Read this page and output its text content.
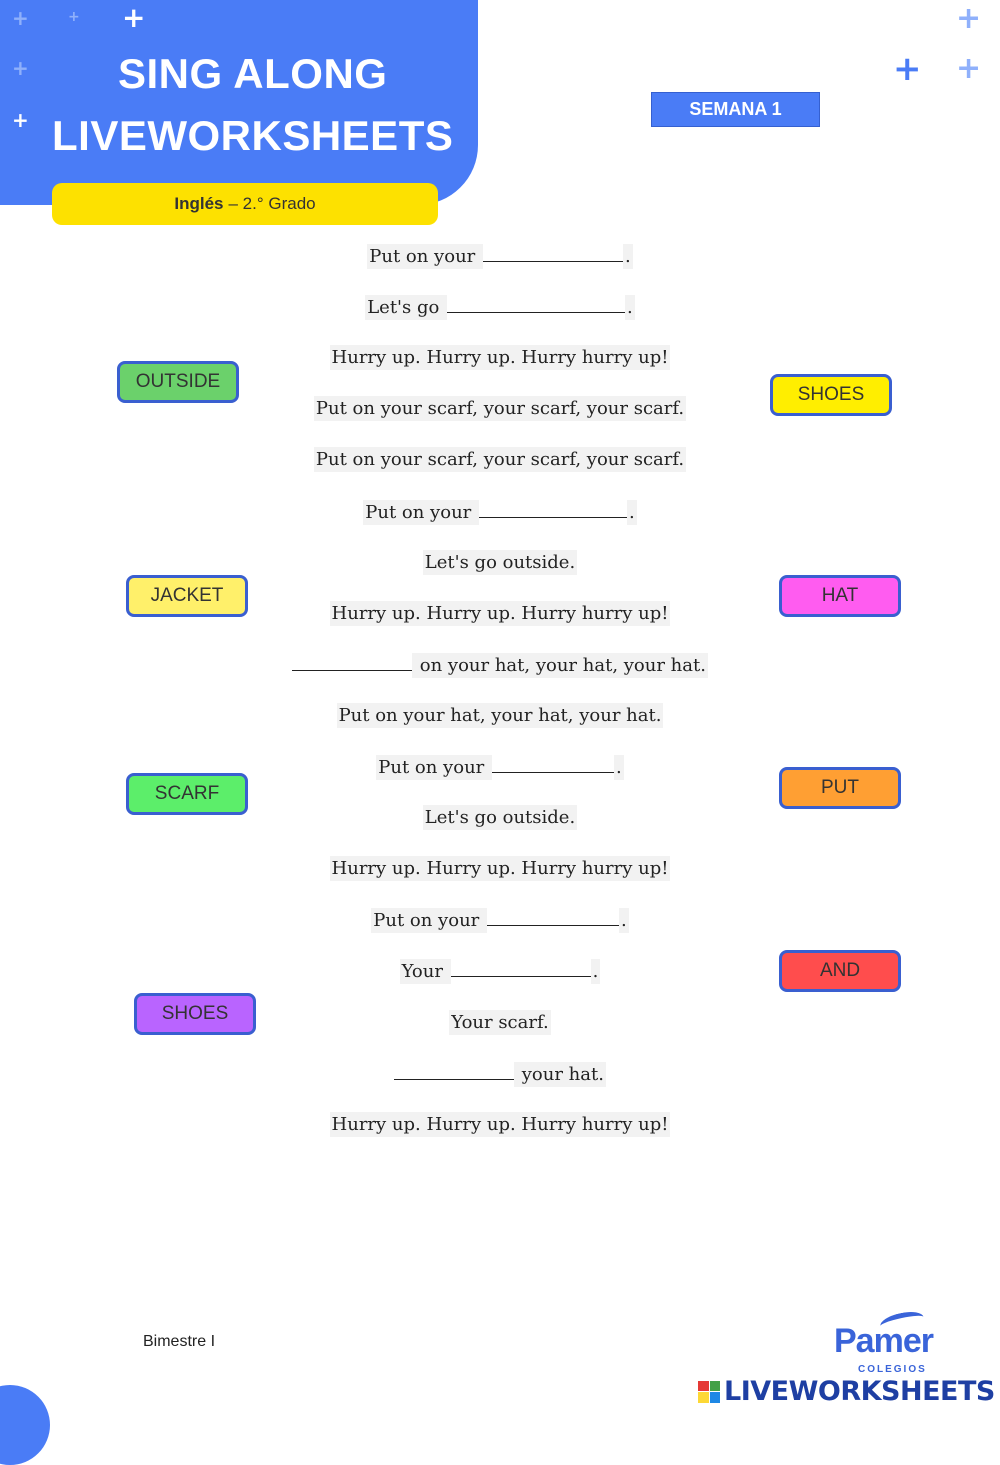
+	+ +
+
+
+
+ +
SING ALONG
LIVEWORKSHEETS
Inglés – 2.° Grado
SEMANA 1
Put on your	.
Let's go	.
Hurry up. Hurry up. Hurry hurry up!
Put on your scarf, your scarf, your scarf.
Put on your scarf, your scarf, your scarf.
Put on your	.
Let's go outside.
Hurry up. Hurry up. Hurry hurry up!
on your hat, your hat, your hat.
Put on your hat, your hat, your hat.
Put on your	.
Let's go outside.
Hurry up. Hurry up. Hurry hurry up!
Put on your	.
Your	.
Your scarf.
your hat.
Hurry up. Hurry up. Hurry hurry up!
OUTSIDE
SHOES
JACKET	HAT
SCARF	PUT
AND
SHOES
Bimestre I	Pamer
COLEGIOS
LIVEWORKSHEETS
